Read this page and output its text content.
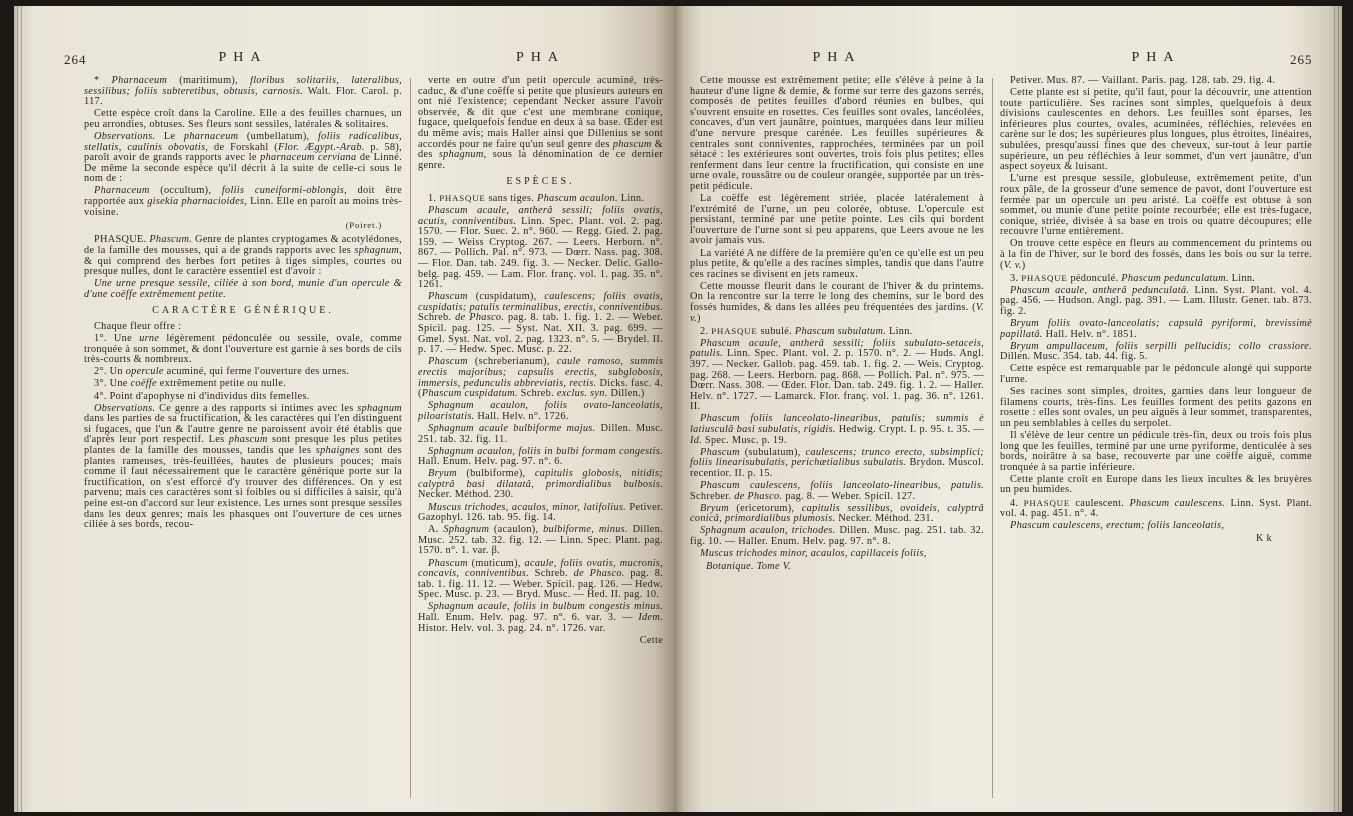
264	PHA	PHA

* Pharnaceum (maritimum), floribus solitariis, lateralibus, sessilibus; foliis subteretibus, obtusis, carnosis. Walt. Flor. Carol. p. 117.

Cette espèce croît dans la Caroline. Elle a des feuilles charnues, un peu arrondies, obtuses. Ses fleurs sont sessiles, latérales & solitaires.

Observations. Le pharnaceum (umbellatum), foliis radicalibus, stellatis, caulinis obovatis, de Forskahl (Flor. Ægypt.-Arab. p. 58), paroît avoir de grands rapports avec le pharnaceum cerviana de Linné. De même la seconde espèce qu'il décrit à la suite de celle-ci sous le nom de :

Pharnaceum (occultum), foliis cuneiformi-oblongis, doit être rapportée aux gisekia pharnacioides, Linn. Elle en paroît au moins très-voisine.

(Poiret.)

PHASQUE. Phascum. Genre de plantes cryptogames & acotylédones, de la famille des mousses, qui a de grands rapports avec les sphagnum, & qui comprend des herbes fort petites à tiges simples, courtes ou presque nulles, dont le caractère essentiel est d'avoir :

Une urne presque sessile, ciliée à son bord, munie d'un opercule & d'une coëffe extrêmement petite.

CARACTÈRE GÉNÉRIQUE.

Chaque fleur offre :

1°. Une urne légèrement pédonculée ou sessile, ovale, comme tronquée à son sommet, & dont l'ouverture est garnie à ses bords de cils très-courts & nombreux.

2°. Un opercule acuminé, qui ferme l'ouverture des urnes.

3°. Une coëffe extrêmement petite ou nulle.

4°. Point d'apophyse ni d'individus dits femelles.

Observations. Ce genre a des rapports si intimes avec les sphagnum dans les parties de sa fructification, & les caractères qui l'en distinguent si fugaces, que l'un & l'autre genre ne paroissent avoir été établis que d'après leur port respectif. Les phascum sont presque les plus petites plantes de la famille des mousses, tandis que les sphaignes sont des plantes rameuses, très-feuillées, hautes de plusieurs pouces; mais comme il faut nécessairement que le caractère générique porte sur la fructification, on s'est efforcé d'y trouver des différences. On y est parvenu; mais ces caractères sont si foibles ou si difficiles à saisir, qu'à peine est-on d'accord sur leur existence. Les urnes sont presque sessiles dans les deux genres; mais les phasques ont l'ouverture de ces urnes ciliée à ses bords, recou-

verte en outre d'un petit opercule acuminé, très-caduc, & d'une coëffe si petite que plusieurs auteurs en ont nié l'existence; cependant Necker assure l'avoir observée, & dit que c'est une membrane conique, fugace, quelquefois fendue en deux à sa base. Œder est du même avis; mais Haller ainsi que Dillenius se sont accordés pour ne faire qu'un seul genre des phascum & des sphagnum, sous la dénomination de ce dernier genre.

ESPÈCES.

1. PHASQUE sans tiges. Phascum acaulon. Linn.

Phascum acaule, antherâ sessili; foliis ovatis, acutis, conniventibus. Linn. Spec. Plant. vol. 2. pag. 1570. — Flor. Suec. 2. n°. 960. — Regg. Gied. 2. pag. 159. — Weiss Cryptog. 267. — Leers. Herborn. n°. 867. — Pollich. Pal. n°. 973. — Dœrr. Nass. pag. 308. — Flor. Dan. tab. 249. fig. 3. — Necker. Delic. Gallo-belg. pag. 459. — Lam. Flor. franç. vol. 1. pag. 35. n°. 1261.

Phascum (cuspidatum), caulescens; foliis ovatis, cuspidatis; patulis terminalibus, erectis, conniventibus. Schreb. de Phasco. pag. 8. tab. 1. fig. 1. 2. — Weber. Spicil. pag. 125. — Syst. Nat. XII. 3. pag. 699. — Gmel. Syst. Nat. vol. 2. pag. 1323. n°. 5. — Brydel. II. p. 17. — Hedw. Spec. Musc. p. 22.

Phascum (schreberianum), caule ramoso, summis erectis majoribus; capsulis erectis, subglobosis, immersis, pedunculis abbreviatis, rectis. Dicks. fasc. 4. (Phascum cuspidatum. Schreb. exclus. syn. Dillen.)

Sphagnum acaulon, foliis ovato-lanceolatis, piloaristatis. Hall. Helv. n°. 1726.

Sphagnum acaule bulbiforme majus. Dillen. Musc. 251. tab. 32. fig. 11.

Sphagnum acaulon, foliis in bulbi formam congestis. Hall. Enum. Helv. pag. 97. n°. 6.

Bryum (bulbiforme), capitulis globosis, nitidis; calyptrâ basi dilatatâ, primordialibus bulbosis. Necker. Méthod. 230.

Muscus trichodes, acaulos, minor, latifolius. Petiver. Gazophyl. 126. tab. 95. fig. 14.

A. Sphagnum (acaulon), bulbiforme, minus. Dillen. Musc. 252. tab. 32. fig. 12. — Linn. Spec. Plant. pag. 1570. n°. 1. var. β.

Phascum (muticum), acaule, foliis ovatis, mucronis, concavis, conniventibus. Schreb. de Phasco. pag. 8. tab. 1. fig. 11. 12. — Weber. Spicil. pag. 126. — Hedw. Spec. Musc. p. 23. — Bryd. Musc. — Hed. II. pag. 10.

Sphagnum acaule, foliis in bulbum congestis minus. Hall. Enum. Helv. pag. 97. n°. 6. var. 3. — Idem. Histor. Helv. vol. 3. pag. 24. n°. 1726. var.

Cette

PHA	PHA	265

Cette mousse est extrêmement petite; elle s'élève à peine à la hauteur d'une ligne & demie, & forme sur terre des gazons serrés, composés de petites feuilles d'abord réunies en bulbes, qui s'ouvrent ensuite en rosettes. Ces feuilles sont ovales, lancéolées, concaves, d'un vert jaunâtre, pointues, marquées dans leur milieu d'une nervure presque carénée. Les feuilles supérieures & centrales sont conniventes, rapprochées, terminées par un poil sétacé : les extérieures sont ouvertes, trois fois plus petites; elles renferment dans leur centre la fructification, qui consiste en une urne ovale, roussâtre ou de couleur orangée, supportée par un très-petit pédicule.

La coëffe est légèrement striée, placée latéralement à l'extrémité de l'urne, un peu colorée, obtuse. L'opercule est persistant, terminé par une petite pointe. Les cils qui bordent l'ouverture de l'urne sont si peu apparens, que Leers avoue ne les avoir jamais vus.

La variété A ne diffère de la première qu'en ce qu'elle est un peu plus petite, & qu'elle a des racines simples, tandis que dans l'autre ces racines se divisent en jets rameux.

Cette mousse fleurit dans le courant de l'hiver & du printems. On la rencontre sur la terre le long des chemins, sur le bord des fossés humides, & dans les allées peu fréquentées des jardins. (V. v.)

2. PHASQUE subulé. Phascum subulatum. Linn.

Phascum acaule, antherâ sessili; foliis subulato-setaceis, patulis. Linn. Spec. Plant. vol. 2. p. 1570. n°. 2. — Huds. Angl. 397. — Necker. Gallob. pag. 459. tab. 1. fig. 2. — Weis. Cryptog. pag. 268. — Leers. Herborn. pag. 868. — Pollich. Pal. n°. 975. — Dœrr. Nass. 308. — Œder. Flor. Dan. tab. 249. fig. 1. 2. — Haller. Helv. n°. 1727. — Lamarck. Flor. franç. vol. 1. pag. 36. n°. 1261. II.

Phascum foliis lanceolato-linearibus, patulis; summis è latiusculâ basi subulatis, rigidis. Hedwig. Crypt. I. p. 95. t. 35. — Id. Spec. Musc. p. 19.

Phascum (subulatum), caulescens; trunco erecto, subsimplici; foliis linearisubulatis, perichætialibus subulatis. Brydon. Muscol. recentior. II. p. 15.

Phascum caulescens, foliis lanceolato-linearibus, patulis. Schreber. de Phasco. pag. 8. — Weber. Spicil. 127.

Bryum (ericetorum), capitulis sessilibus, ovoideis, calyptrâ conicâ, primordialibus plumosis. Necker. Méthod. 231.

Sphagnum acaulon, trichodes. Dillen. Musc. pag. 251. tab. 32. fig. 10. — Haller. Enum. Helv. pag. 97. n°. 8.

Muscus trichodes minor, acaulos, capillaceis foliis,

Botanique. Tome V.

Petiver. Mus. 87. — Vaillant. Paris. pag. 128. tab. 29. fig. 4.

Cette plante est si petite, qu'il faut, pour la découvrir, une attention toute particulière. Ses racines sont simples, quelquefois à deux divisions caulescentes en dehors. Les feuilles sont éparses, les inférieures plus courtes, ovales, acuminées, réfléchies, relevées en carène sur le dos; les supérieures plus longues, plus étroites, linéaires, subulées, presqu'aussi fines que des cheveux, sur-tout à leur partie supérieure, un peu réfléchies à leur sommet, d'un vert jaunâtre, d'un aspect soyeux & luisant.

L'urne est presque sessile, globuleuse, extrêmement petite, d'un roux pâle, de la grosseur d'une semence de pavot, dont l'ouverture est fermée par un opercule un peu aristé. La coëffe est obtuse à son sommet, ou munie d'une petite pointe recourbée; elle est très-fugace, conique, striée, divisée à sa base en trois ou quatre découpures; elle recouvre l'urne entièrement.

On trouve cette espèce en fleurs au commencement du printems ou à la fin de l'hiver, sur le bord des fossés, dans les bois ou sur la terre. (V. v.)

3. PHASQUE pédonculé. Phascum pedunculatum. Linn.

Phascum acaule, antherâ pedunculatâ. Linn. Syst. Plant. vol. 4. pag. 456. — Hudson. Angl. pag. 391. — Lam. Illustr. Gener. tab. 873. fig. 2.

Bryum foliis ovato-lanceolatis; capsulâ pyriformi, brevissimè papillatâ. Hall. Helv. n°. 1851.

Bryum ampullaceum, foliis serpilli pellucidis; collo crassiore. Dillen. Musc. 354. tab. 44. fig. 5.

Cette espèce est remarquable par le pédoncule alongé qui supporte l'urne.

Ses racines sont simples, droites, garnies dans leur longueur de filamens courts, très-fins. Les feuilles forment des petits gazons en rosette : elles sont ovales, un peu aiguës à leur sommet, transparentes, un peu semblables à celles du serpolet.

Il s'élève de leur centre un pédicule très-fin, deux ou trois fois plus long que les feuilles, terminé par une urne pyriforme, denticulée à ses bords, noirâtre à sa base, recouverte par une coëffe aiguë, comme tronquée à sa partie inférieure.

Cette plante croît en Europe dans les lieux incultes & les bruyères un peu humides.

4. PHASQUE caulescent. Phascum caulescens. Linn. Syst. Plant. vol. 4. pag. 451. n°. 4.

Phascum caulescens, erectum; foliis lanceolatis,

K k
